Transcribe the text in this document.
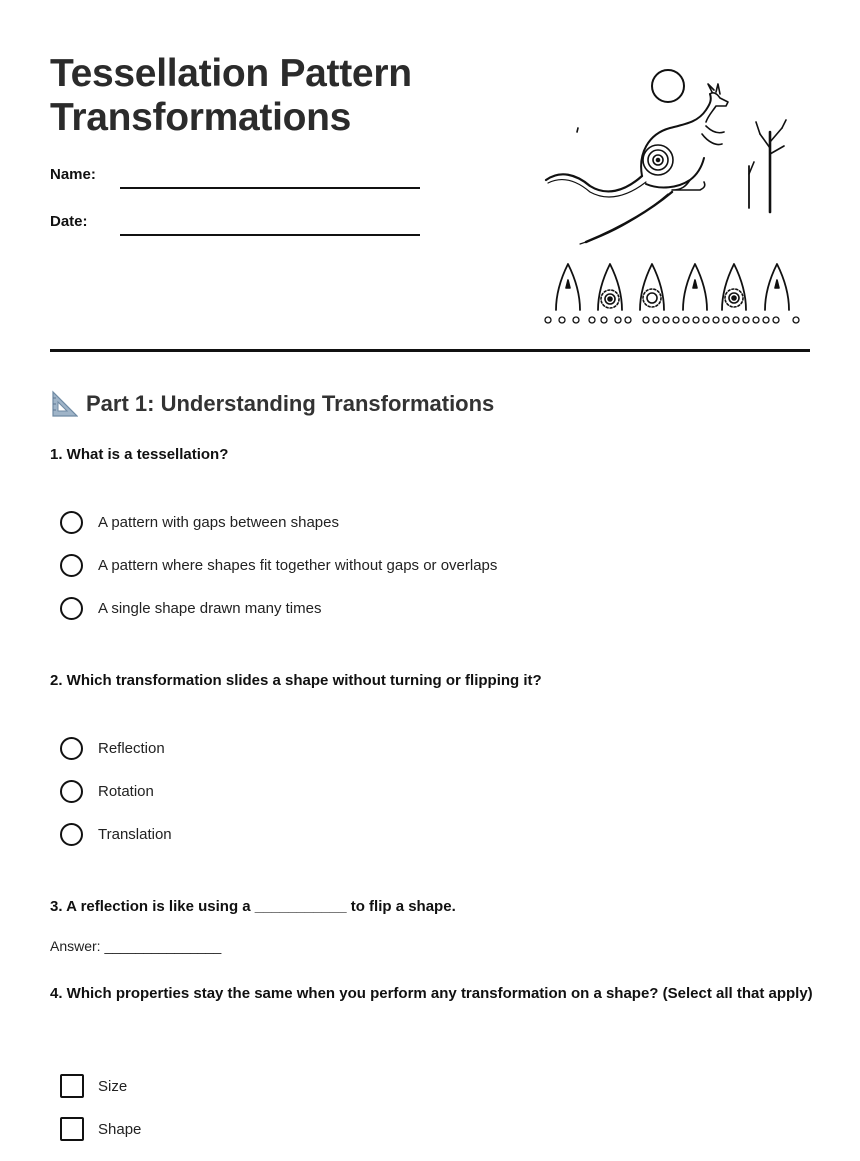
Tessellation Pattern
Transformations
Name:
Date:
Part 1: Understanding Transformations
1. What is a tessellation?
A pattern with gaps between shapes
A pattern where shapes fit together without gaps or overlaps
A single shape drawn many times
2. Which transformation slides a shape without turning or flipping it?
Reflection
Rotation
Translation
3. A reflection is like using a ___________ to flip a shape.
Answer: _______________
4. Which properties stay the same when you perform any transformation on a shape? (Select all that apply)
Size
Shape
